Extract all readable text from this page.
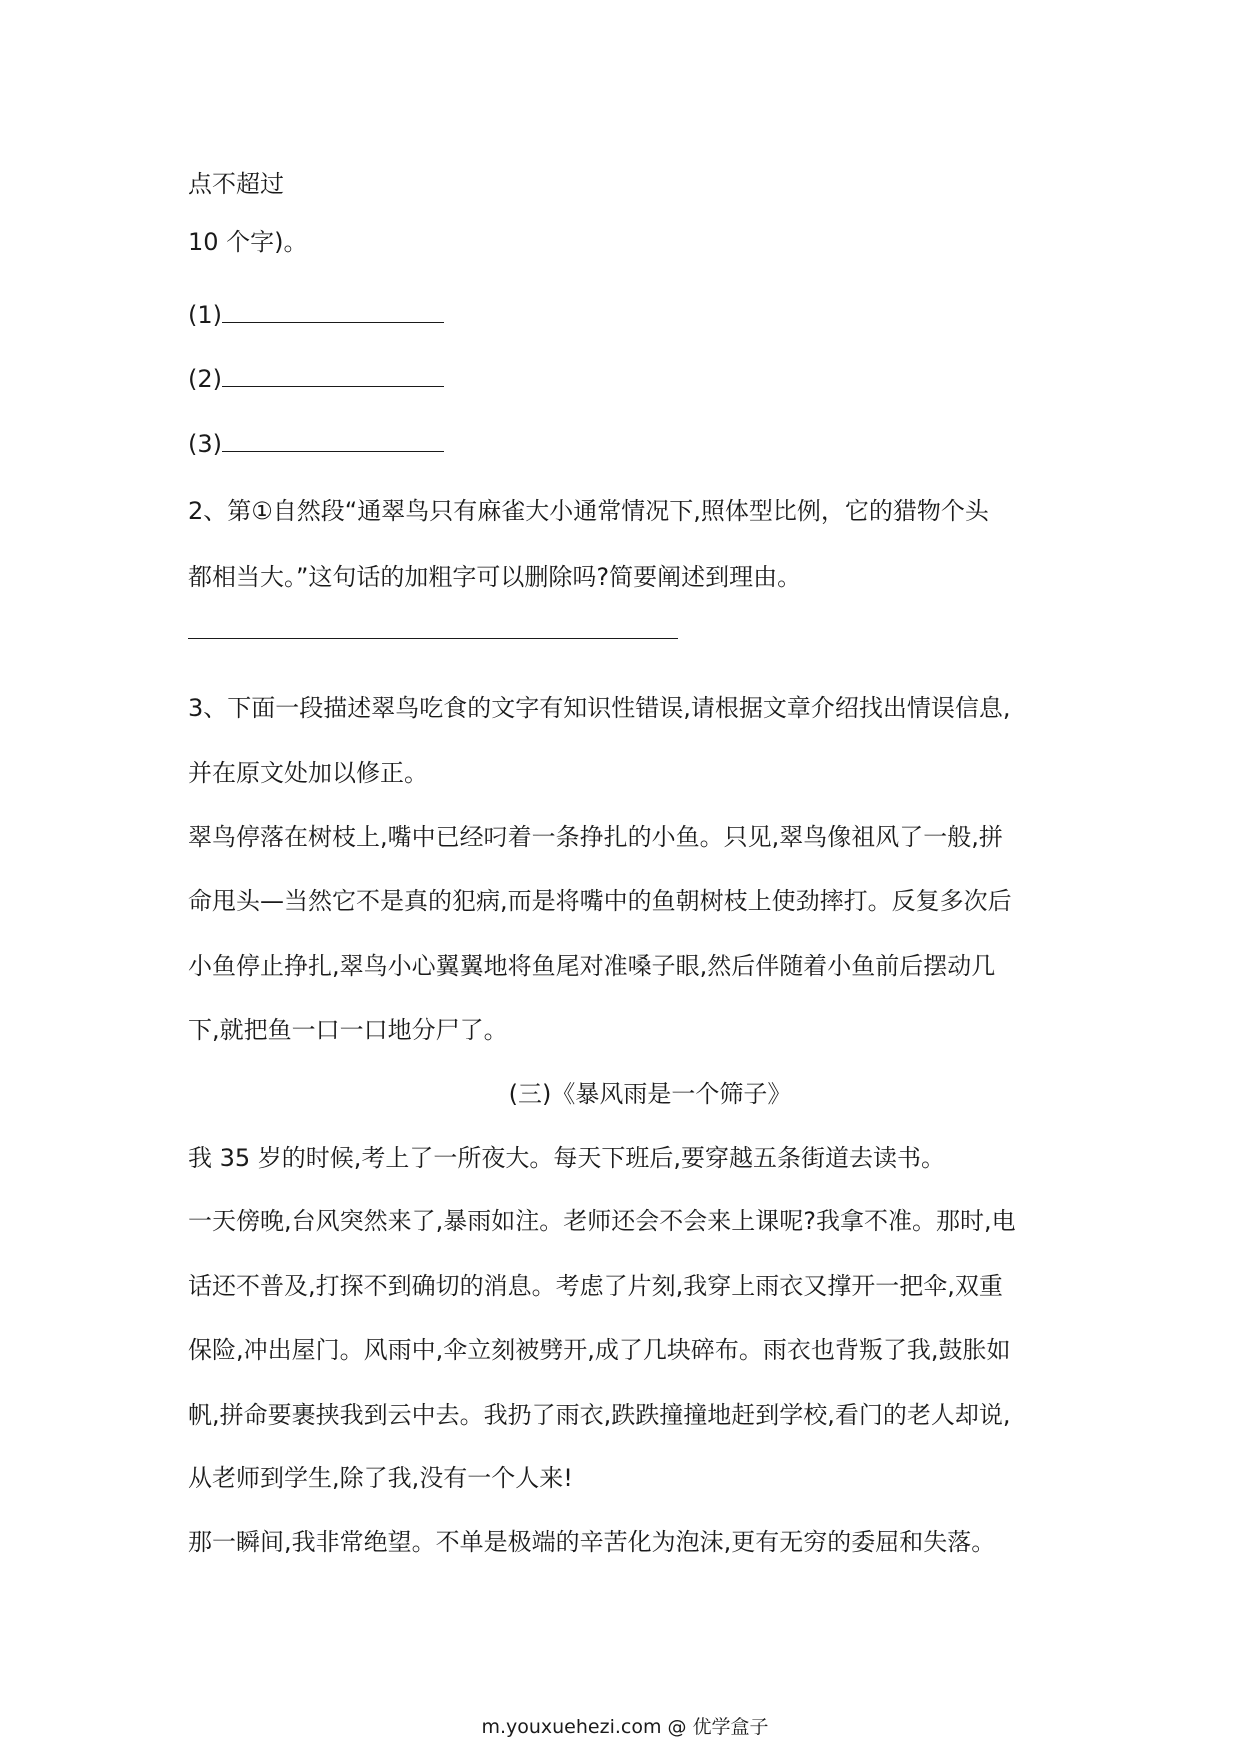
点不超过
10 个字)。
(1)
(2)
(3)
2、第①自然段“通翠鸟只有麻雀大小通常情况下,照体型比例，它的猎物个头
都相当大。”这句话的加粗字可以删除吗?简要阐述到理由。
3、下面一段描述翠鸟吃食的文字有知识性错误,请根据文章介绍找出情误信息,
并在原文处加以修正。
翠鸟停落在树枝上,嘴中已经叼着一条挣扎的小鱼。只见,翠鸟像祖风了一般,拼
命甩头—当然它不是真的犯病,而是将嘴中的鱼朝树枝上使劲摔打。反复多次后
小鱼停止挣扎,翠鸟小心翼翼地将鱼尾对准嗓子眼,然后伴随着小鱼前后摆动几
下,就把鱼一口一口地分尸了。
(三)《暴风雨是一个筛子》
我 35 岁的时候,考上了一所夜大。每天下班后,要穿越五条街道去读书。
一天傍晚,台风突然来了,暴雨如注。老师还会不会来上课呢?我拿不准。那时,电
话还不普及,打探不到确切的消息。考虑了片刻,我穿上雨衣又撑开一把伞,双重
保险,冲出屋门。风雨中,伞立刻被劈开,成了几块碎布。雨衣也背叛了我,鼓胀如
帆,拼命要裹挟我到云中去。我扔了雨衣,跌跌撞撞地赶到学校,看门的老人却说,
从老师到学生,除了我,没有一个人来!
那一瞬间,我非常绝望。不单是极端的辛苦化为泡沫,更有无穷的委屈和失落。
m.youxuehezi.com @ 优学盒子
